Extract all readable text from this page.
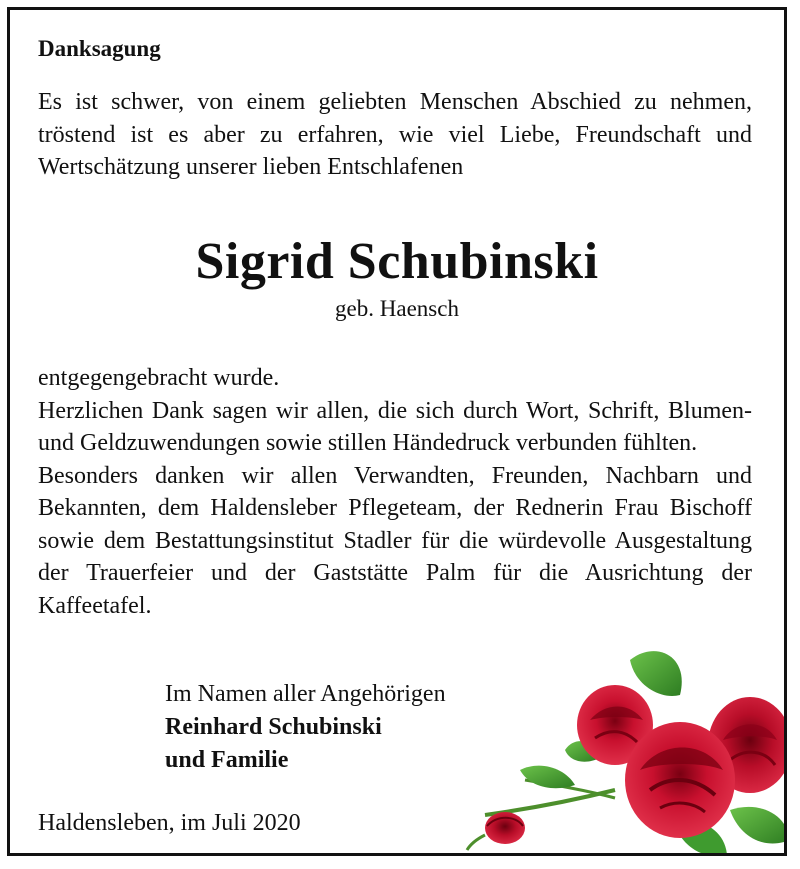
Danksagung

Es ist schwer, von einem geliebten Menschen Abschied zu nehmen, tröstend ist es aber zu erfahren, wie viel Liebe, Freundschaft und Wertschätzung unserer lieben Entschlafenen

Sigrid Schubinski
geb. Haensch
entgegengebracht wurde.
Herzlichen Dank sagen wir allen, die sich durch Wort, Schrift, Blumen- und Geldzuwendungen sowie stillen Händedruck verbunden fühlten.
Besonders danken wir allen Verwandten, Freunden, Nachbarn und Bekannten, dem Haldensleber Pflegeteam, der Rednerin Frau Bischoff sowie dem Bestattungsinstitut Stadler für die würdevolle Ausgestaltung der Trauerfeier und der Gaststätte Palm für die Ausrichtung der Kaffeetafel.
Im Namen aller Angehörigen
Reinhard Schubinski
und Familie
Haldensleben, im Juli 2020
